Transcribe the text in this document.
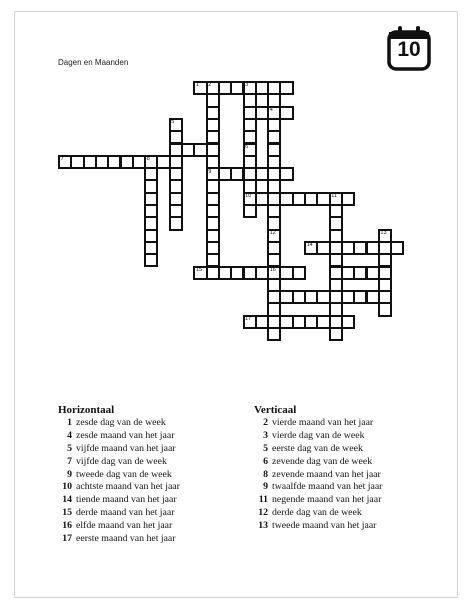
Dagen en Maanden
10
1 2	3
4
5
6
7	8
9
10	11
12	13
14
15	16
17
Horizontaal
1 zesde dag van de week
4 zesde maand van het jaar
5 vijfde maand van het jaar
7 vijfde dag van de week
9 tweede dag van de week
10 achtste maand van het jaar
14 tiende maand van het jaar
15 derde maand van het jaar
16 elfde maand van het jaar
17 eerste maand van het jaar
Verticaal
2 vierde maand van het jaar
3 vierde dag van de week
5 eerste dag van de week
6 zevende dag van de week
8 zevende maand van het jaar
9 twaalfde maand van het jaar
11 negende maand van het jaar
12 derde dag van de week
13 tweede maand van het jaar
